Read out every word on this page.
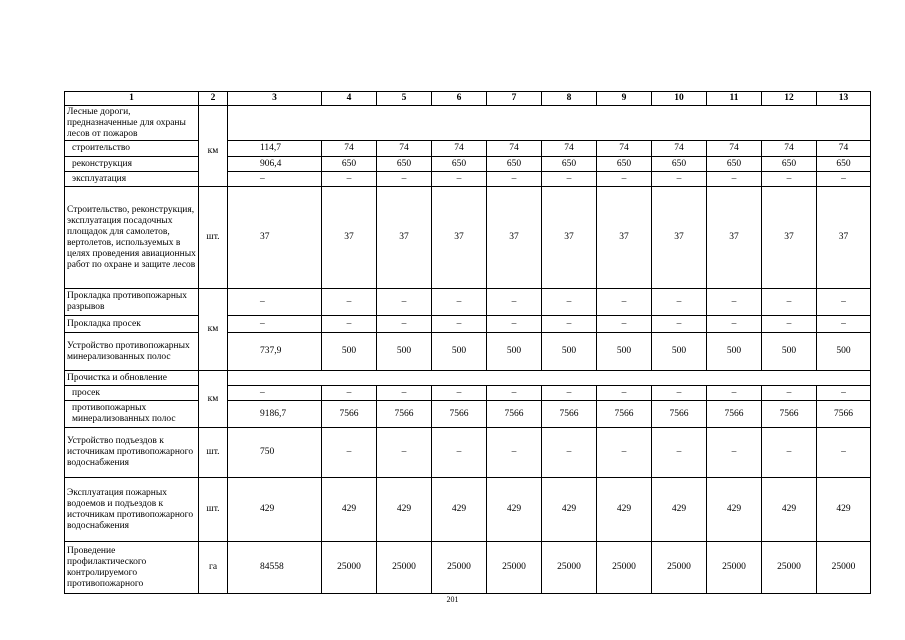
1	2	3	4	5	6	7	8	9	10	11	12	13
Лесные дороги, предназначенные для охраны лесов от пожаров	км											
строительство		114,7	74	74	74	74	74	74	74	74	74	74
реконструкция		906,4	650	650	650	650	650	650	650	650	650	650
эксплуатация		–	–	–	–	–	–	–	–	–	–	–
Строительство, реконструкция, эксплуатация посадочных площадок для самолетов, вертолетов, используемых в целях проведения авиационных работ по охране и защите лесов	шт.	37	37	37	37	37	37	37	37	37	37	37
Прокладка противопожарных разрывов	км	–	–	–	–	–	–	–	–	–	–	–
Прокладка просек		–	–	–	–	–	–	–	–	–	–	–
Устройство противопожарных минерализованных полос		737,9	500	500	500	500	500	500	500	500	500	500
Прочистка и обновление	км											
просек		–	–	–	–	–	–	–	–	–	–	–
противопожарных минерализованных полос		9186,7	7566	7566	7566	7566	7566	7566	7566	7566	7566	7566
Устройство подъездов к источникам противопожарного водоснабжения	шт.	750	–	–	–	–	–	–	–	–	–	–
Эксплуатация пожарных водоемов и подъездов к источникам противопожарного водоснабжения	шт.	429	429	429	429	429	429	429	429	429	429	429
Проведение профилактического контролируемого противопожарного	га	84558	25000	25000	25000	25000	25000	25000	25000	25000	25000	25000
201
